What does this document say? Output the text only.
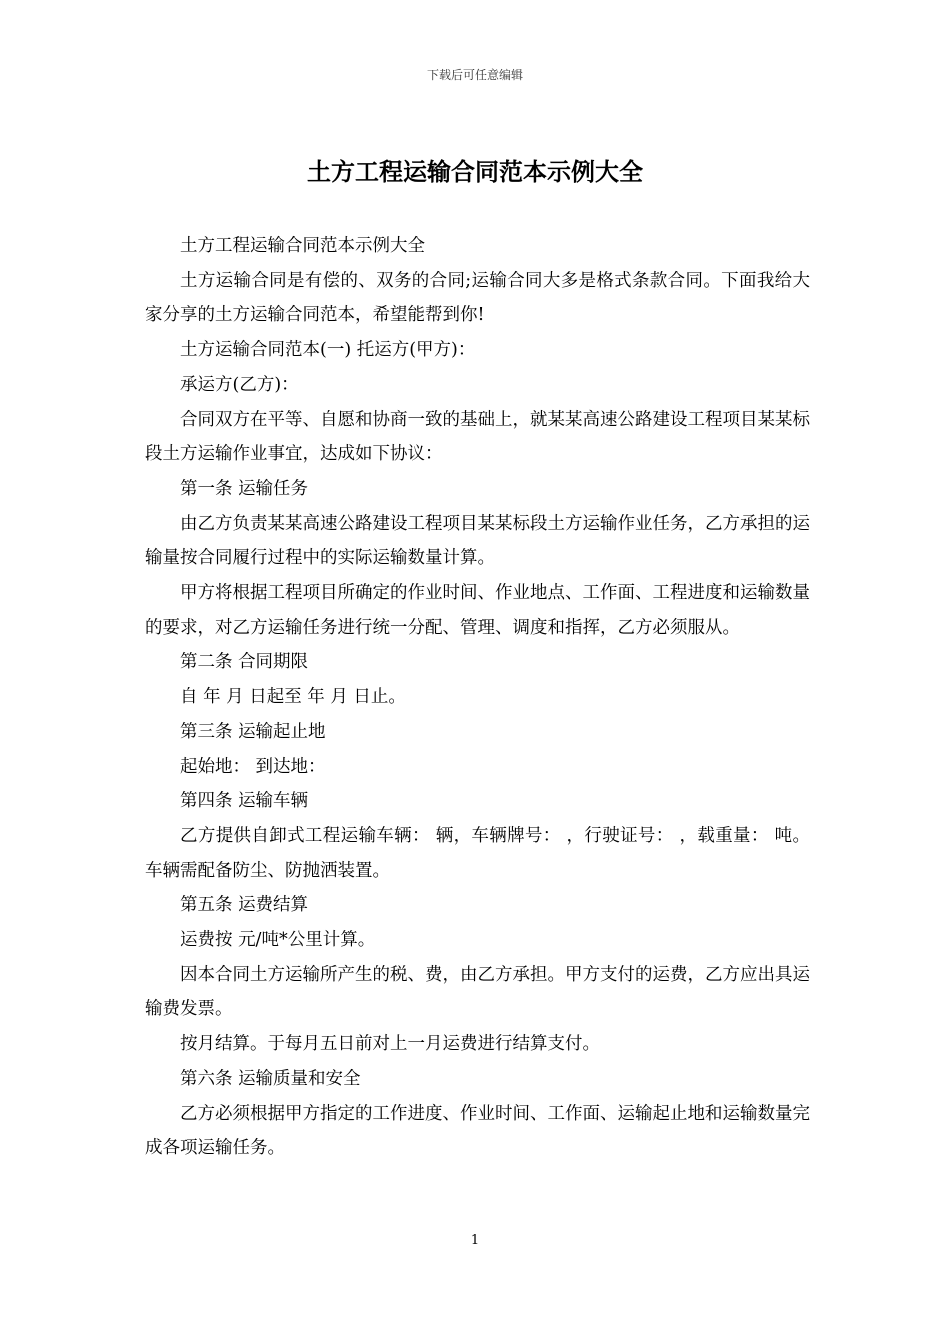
下载后可任意编辑
土方工程运输合同范本示例大全

土方工程运输合同范本示例大全

土方运输合同是有偿的、双务的合同;运输合同大多是格式条款合同。下面我给大家分享的土方运输合同范本，希望能帮到你!

土方运输合同范本(一) 托运方(甲方)：

承运方(乙方)：

合同双方在平等、自愿和协商一致的基础上，就某某高速公路建设工程项目某某标段土方运输作业事宜，达成如下协议：

第一条 运输任务

由乙方负责某某高速公路建设工程项目某某标段土方运输作业任务，乙方承担的运输量按合同履行过程中的实际运输数量计算。

甲方将根据工程项目所确定的作业时间、作业地点、工作面、工程进度和运输数量的要求，对乙方运输任务进行统一分配、管理、调度和指挥，乙方必须服从。

第二条 合同期限

自 年 月 日起至 年 月 日止。

第三条 运输起止地

起始地： 到达地：

第四条 运输车辆

乙方提供自卸式工程运输车辆： 辆，车辆牌号： ，行驶证号： ，载重量： 吨。车辆需配备防尘、防抛洒装置。

第五条 运费结算

运费按 元/吨*公里计算。

因本合同土方运输所产生的税、费，由乙方承担。甲方支付的运费，乙方应出具运输费发票。

按月结算。于每月五日前对上一月运费进行结算支付。

第六条 运输质量和安全

乙方必须根据甲方指定的工作进度、作业时间、工作面、运输起止地和运输数量完成各项运输任务。

1
